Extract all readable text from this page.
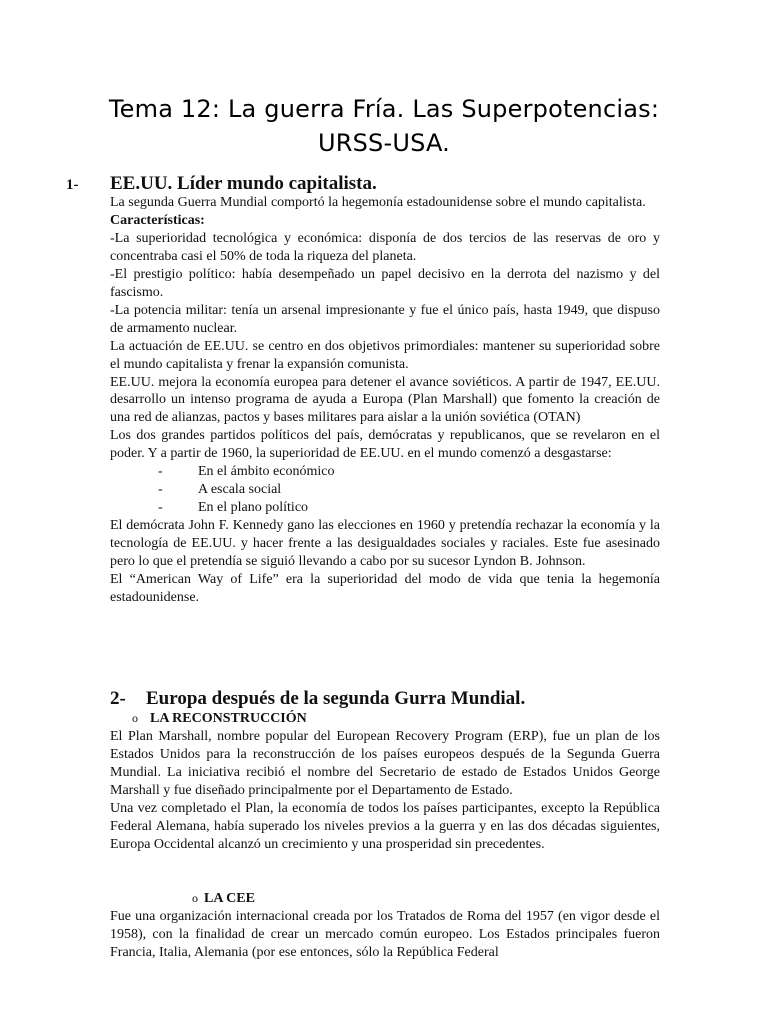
Tema 12: La guerra Fría. Las Superpotencias:
URSS-USA.
1-	EE.UU. Líder mundo capitalista.

La segunda Guerra Mundial comportó la hegemonía estadounidense sobre el mundo capitalista.

Características:

-La superioridad tecnológica y económica: disponía de dos tercios de las reservas de oro y concentraba casi el 50% de toda la riqueza del planeta.

-El prestigio político: había desempeñado un papel decisivo en la derrota del nazismo y del fascismo.

-La potencia militar: tenía un arsenal impresionante y fue el único país, hasta 1949, que dispuso de armamento nuclear.

La actuación de EE.UU. se centro en dos objetivos primordiales: mantener su superioridad sobre el mundo capitalista y frenar la expansión comunista.

EE.UU. mejora la economía europea para detener el avance soviéticos. A partir de 1947, EE.UU. desarrollo un intenso programa de ayuda a Europa (Plan Marshall) que fomento la creación de una red de alianzas, pactos y bases militares para aislar a la unión soviética (OTAN)

Los dos grandes partidos políticos del país, demócratas y republicanos, que se revelaron en el poder. Y a partir de 1960, la superioridad de EE.UU. en el mundo comenzó a desgastarse:

-	En el ámbito económico
-	A escala social
-	En el plano político

El demócrata John F. Kennedy gano las elecciones en 1960 y pretendía rechazar la economía y la tecnología de EE.UU. y hacer frente a las desigualdades sociales y raciales. Este fue asesinado pero lo que el pretendía se siguió llevando a cabo por su sucesor Lyndon B. Johnson.

El “American Way of Life” era la superioridad del modo de vida que tenia la hegemonía estadounidense.

2-	Europa después de la segunda Gurra Mundial.
o LA RECONSTRUCCIÓN

El Plan Marshall, nombre popular del European Recovery Program (ERP), fue un plan de los Estados Unidos para la reconstrucción de los países europeos después de la Segunda Guerra Mundial. La iniciativa recibió el nombre del Secretario de estado de Estados Unidos George Marshall y fue diseñado principalmente por el Departamento de Estado.

Una vez completado el Plan, la economía de todos los países participantes, excepto la República Federal Alemana, había superado los niveles previos a la guerra y en las dos décadas siguientes, Europa Occidental alcanzó un crecimiento y una prosperidad sin precedentes.

o LA CEE

Fue una organización internacional creada por los Tratados de Roma del 1957 (en vigor desde el 1958), con la finalidad de crear un mercado común europeo. Los Estados principales fueron Francia, Italia, Alemania (por ese entonces, sólo la República Federal
